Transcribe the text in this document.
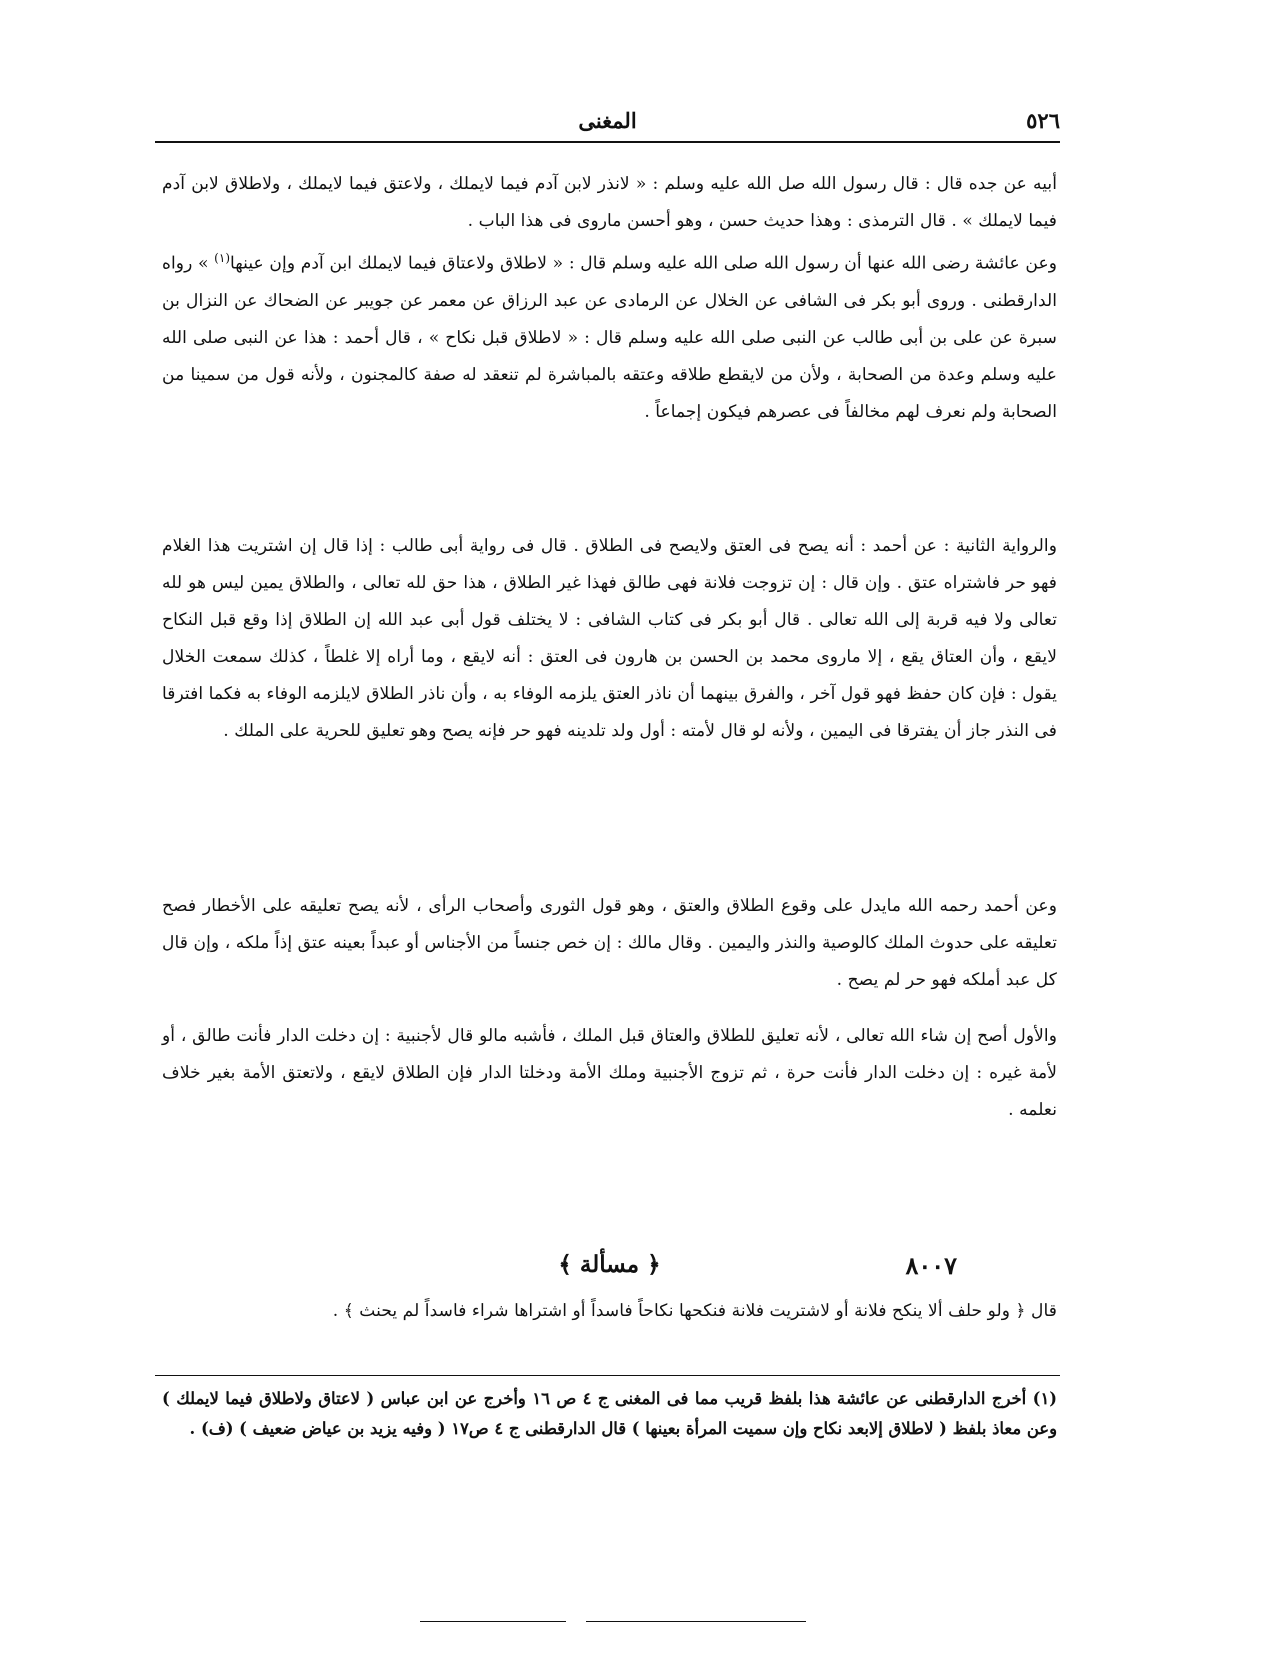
٥٢٦
المغنى

أبيه عن جده قال : قال رسول الله صل الله عليه وسلم : « لانذر لابن آدم فيما لايملك ، ولاعتق فيما لايملك ، ولاطلاق لابن آدم فيما لايملك » . قال الترمذى : وهذا حديث حسن ، وهو أحسن ماروى فى هذا الباب .

وعن عائشة رضى الله عنها أن رسول الله صلى الله عليه وسلم قال : « لاطلاق ولاعتاق فيما لايملك ابن آدم وإن عينها$^{(١)}$ » رواه الدارقطنى . وروى أبو بكر فى الشافى عن الخلال عن الرمادى عن عبد الرزاق عن معمر عن جويبر عن الضحاك عن النزال بن سبرة عن على بن أبى طالب عن النبى صلى الله عليه وسلم قال : « لاطلاق قبل نكاح » ، قال أحمد : هذا عن النبى صلى الله عليه وسلم وعدة من الصحابة ، ولأن من لايقطع طلاقه وعتقه بالمباشرة لم تنعقد له صفة كالمجنون ، ولأنه قول من سمينا من الصحابة ولم نعرف لهم مخالفاً فى عصرهم فيكون إجماعاً .

والرواية الثانية : عن أحمد : أنه يصح فى العتق ولايصح فى الطلاق . قال فى رواية أبى طالب : إذا قال إن اشتريت هذا الغلام فهو حر فاشتراه عتق . وإن قال : إن تزوجت فلانة فهى طالق فهذا غير الطلاق ، هذا حق لله تعالى ، والطلاق يمين ليس هو لله تعالى ولا فيه قربة إلى الله تعالى . قال أبو بكر فى كتاب الشافى : لا يختلف قول أبى عبد الله إن الطلاق إذا وقع قبل النكاح لايقع ، وأن العتاق يقع ، إلا ماروى محمد بن الحسن بن هارون فى العتق : أنه لايقع ، وما أراه إلا غلطاً ، كذلك سمعت الخلال يقول : فإن كان حفظ فهو قول آخر ، والفرق بينهما أن ناذر العتق يلزمه الوفاء به ، وأن ناذر الطلاق لايلزمه الوفاء به فكما افترقا فى النذر جاز أن يفترقا فى اليمين ، ولأنه لو قال لأمته : أول ولد تلدينه فهو حر فإنه يصح وهو تعليق للحرية على الملك .

وعن أحمد رحمه الله مايدل على وقوع الطلاق والعتق ، وهو قول الثورى وأصحاب الرأى ، لأنه يصح تعليقه على الأخطار فصح تعليقه على حدوث الملك كالوصية والنذر واليمين . وقال مالك : إن خص جنساً من الأجناس أو عبداً بعينه عتق إذاً ملكه ، وإن قال كل عبد أملكه فهو حر لم يصح .

والأول أصح إن شاء الله تعالى ، لأنه تعليق للطلاق والعتاق قبل الملك ، فأشبه مالو قال لأجنبية : إن دخلت الدار فأنت طالق ، أو لأمة غيره : إن دخلت الدار فأنت حرة ، ثم تزوج الأجنبية وملك الأمة ودخلتا الدار فإن الطلاق لايقع ، ولاتعتق الأمة بغير خلاف نعلمه .

﴿ مسألة ﴾	٨٠٠٧

قال ﴿ ولو حلف ألا ينكح فلانة أو لاشتريت فلانة فنكحها نكاحاً فاسداً أو اشتراها شراء فاسداً لم يحنث ﴾ .

(١) أخرج الدارقطنى عن عائشة هذا بلفظ قريب مما فى المغنى ج ٤ ص ١٦ وأخرج عن ابن عباس ( لاعتاق ولاطلاق فيما لايملك ) وعن معاذ بلفظ ( لاطلاق إلابعد نكاح وإن سميت المرأة بعينها ) قال الدارقطنى ج ٤ ص١٧ ( وفيه يزيد بن عياض ضعيف ) (ف) .
